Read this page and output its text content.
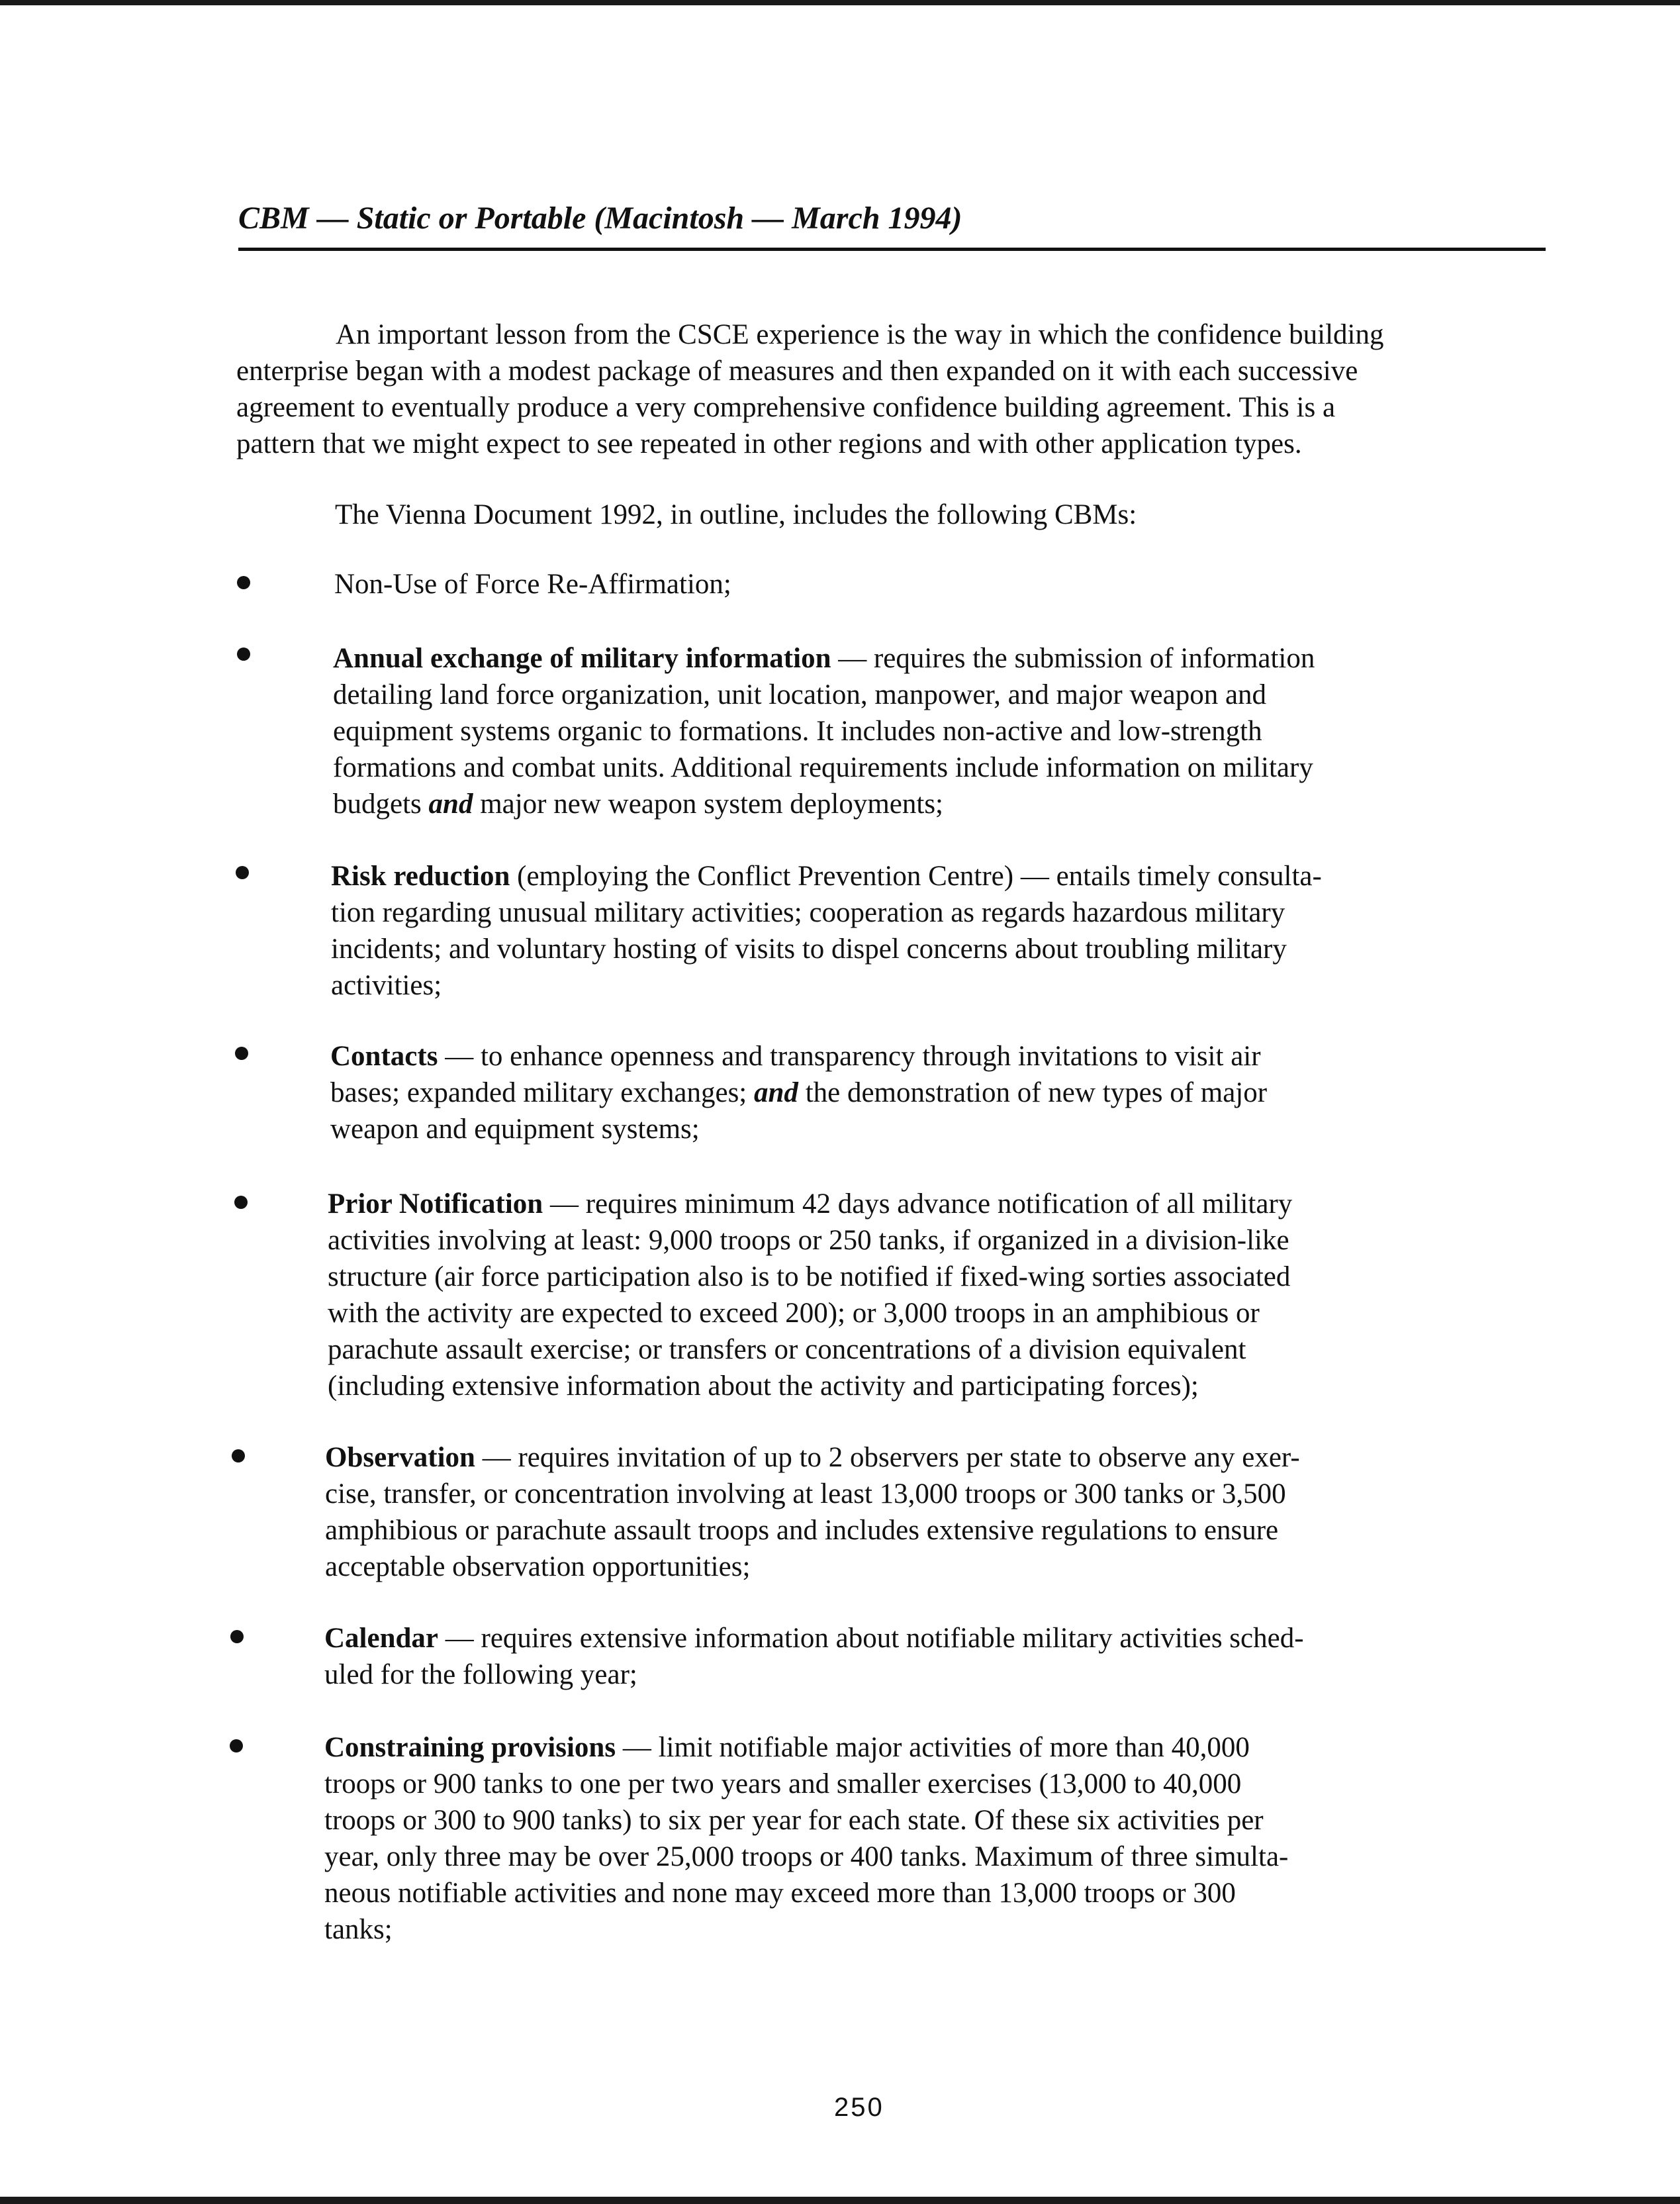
CBM — Static or Portable (Macintosh — March 1994)
An important lesson from the CSCE experience is the way in which the confidence building
enterprise began with a modest package of measures and then expanded on it with each successive
agreement to eventually produce a very comprehensive confidence building agreement. This is a
pattern that we might expect to see repeated in other regions and with other application types.
The Vienna Document 1992, in outline, includes the following CBMs:
Non-Use of Force Re-Affirmation;
Annual exchange of military information — requires the submission of information
detailing land force organization, unit location, manpower, and major weapon and
equipment systems organic to formations. It includes non-active and low-strength
formations and combat units. Additional requirements include information on military
budgets and major new weapon system deployments;
Risk reduction (employing the Conflict Prevention Centre) — entails timely consulta-
tion regarding unusual military activities; cooperation as regards hazardous military
incidents; and voluntary hosting of visits to dispel concerns about troubling military
activities;
Contacts — to enhance openness and transparency through invitations to visit air
bases; expanded military exchanges; and the demonstration of new types of major
weapon and equipment systems;
Prior Notification — requires minimum 42 days advance notification of all military
activities involving at least: 9,000 troops or 250 tanks, if organized in a division-like
structure (air force participation also is to be notified if fixed-wing sorties associated
with the activity are expected to exceed 200); or 3,000 troops in an amphibious or
parachute assault exercise; or transfers or concentrations of a division equivalent
(including extensive information about the activity and participating forces);
Observation — requires invitation of up to 2 observers per state to observe any exer-
cise, transfer, or concentration involving at least 13,000 troops or 300 tanks or 3,500
amphibious or parachute assault troops and includes extensive regulations to ensure
acceptable observation opportunities;
Calendar — requires extensive information about notifiable military activities sched-
uled for the following year;
Constraining provisions — limit notifiable major activities of more than 40,000
troops or 900 tanks to one per two years and smaller exercises (13,000 to 40,000
troops or 300 to 900 tanks) to six per year for each state. Of these six activities per
year, only three may be over 25,000 troops or 400 tanks. Maximum of three simulta-
neous notifiable activities and none may exceed more than 13,000 troops or 300
tanks;
250
